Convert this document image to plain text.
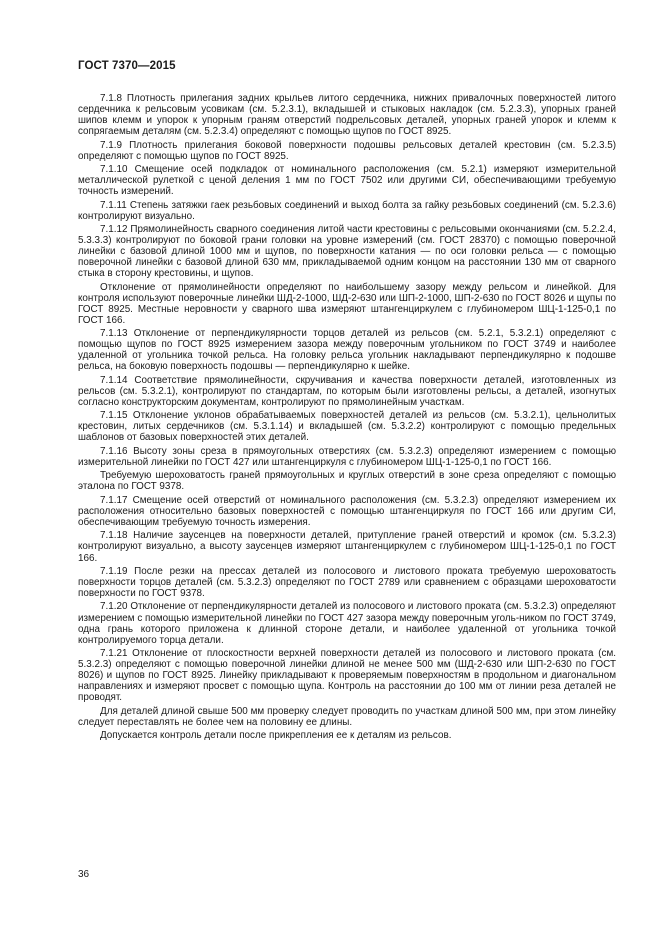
ГОСТ 7370—2015

7.1.8 Плотность прилегания задних крыльев литого сердечника, нижних привалочных поверхностей литого сердечника к рельсовым усовикам (см. 5.2.3.1), вкладышей и стыковых накладок (см. 5.2.3.3), упорных граней шипов клемм и упорок к упорным граням отверстий подрельсовых деталей, упорных граней упорок и клемм к сопрягаемым деталям (см. 5.2.3.4) определяют с помощью щупов по ГОСТ 8925.

7.1.9 Плотность прилегания боковой поверхности подошвы рельсовых деталей крестовин (см. 5.2.3.5) определяют с помощью щупов по ГОСТ 8925.

7.1.10 Смещение осей подкладок от номинального расположения (см. 5.2.1) измеряют измерительной металлической рулеткой с ценой деления 1 мм по ГОСТ 7502 или другими СИ, обеспечивающими требуемую точность измерений.

7.1.11 Степень затяжки гаек резьбовых соединений и выход болта за гайку резьбовых соединений (см. 5.2.3.6) контролируют визуально.

7.1.12 Прямолинейность сварного соединения литой части крестовины с рельсовыми окончаниями (см. 5.2.2.4, 5.3.3.3) контролируют по боковой грани головки на уровне измерений (см. ГОСТ 28370) с помощью поверочной линейки с базовой длиной 1000 мм и щупов, по поверхности катания — по оси головки рельса — с помощью поверочной линейки с базовой длиной 630 мм, прикладываемой одним концом на расстоянии 130 мм от сварного стыка в сторону крестовины, и щупов.

Отклонение от прямолинейности определяют по наибольшему зазору между рельсом и линейкой. Для контроля используют поверочные линейки ШД-2-1000, ШД-2-630 или ШП-2-1000, ШП-2-630 по ГОСТ 8026 и щупы по ГОСТ 8925. Местные неровности у сварного шва измеряют штангенциркулем с глубиномером ШЦ-1-125-0,1 по ГОСТ 166.

7.1.13 Отклонение от перпендикулярности торцов деталей из рельсов (см. 5.2.1, 5.3.2.1) определяют с помощью щупов по ГОСТ 8925 измерением зазора между поверочным угольником по ГОСТ 3749 и наиболее удаленной от угольника точкой рельса. На головку рельса угольник накладывают перпендикулярно к подошве рельса, на боковую поверхность подошвы — перпендикулярно к шейке.

7.1.14 Соответствие прямолинейности, скручивания и качества поверхности деталей, изготовленных из рельсов (см. 5.3.2.1), контролируют по стандартам, по которым были изготовлены рельсы, а деталей, изогнутых согласно конструкторским документам, контролируют по прямолинейным участкам.

7.1.15 Отклонение уклонов обрабатываемых поверхностей деталей из рельсов (см. 5.3.2.1), цельнолитых крестовин, литых сердечников (см. 5.3.1.14) и вкладышей (см. 5.3.2.2) контролируют с помощью предельных шаблонов от базовых поверхностей этих деталей.

7.1.16 Высоту зоны среза в прямоугольных отверстиях (см. 5.3.2.3) определяют измерением с помощью измерительной линейки по ГОСТ 427 или штангенциркуля с глубиномером ШЦ-1-125-0,1 по ГОСТ 166.

Требуемую шероховатость граней прямоугольных и круглых отверстий в зоне среза определяют с помощью эталона по ГОСТ 9378.

7.1.17 Смещение осей отверстий от номинального расположения (см. 5.3.2.3) определяют измерением их расположения относительно базовых поверхностей с помощью штангенциркуля по ГОСТ 166 или другим СИ, обеспечивающим требуемую точность измерения.

7.1.18 Наличие заусенцев на поверхности деталей, притупление граней отверстий и кромок (см. 5.3.2.3) контролируют визуально, а высоту заусенцев измеряют штангенциркулем с глубиномером ШЦ-1-125-0,1 по ГОСТ 166.

7.1.19 После резки на прессах деталей из полосового и листового проката требуемую шероховатость поверхности торцов деталей (см. 5.3.2.3) определяют по ГОСТ 2789 или сравнением с образцами шероховатости поверхности по ГОСТ 9378.

7.1.20 Отклонение от перпендикулярности деталей из полосового и листового проката (см. 5.3.2.3) определяют измерением с помощью измерительной линейки по ГОСТ 427 зазора между поверочным уголь-ником по ГОСТ 3749, одна грань которого приложена к длинной стороне детали, и наиболее удаленной от угольника точкой контролируемого торца детали.

7.1.21 Отклонение от плоскостности верхней поверхности деталей из полосового и листового проката (см. 5.3.2.3) определяют с помощью поверочной линейки длиной не менее 500 мм (ШД-2-630 или ШП-2-630 по ГОСТ 8026) и щупов по ГОСТ 8925. Линейку прикладывают к проверяемым поверхностям в продольном и диагональном направлениях и измеряют просвет с помощью щупа. Контроль на расстоянии до 100 мм от линии реза деталей не проводят.

Для деталей длиной свыше 500 мм проверку следует проводить по участкам длиной 500 мм, при этом линейку следует переставлять не более чем на половину ее длины.

Допускается контроль детали после прикрепления ее к деталям из рельсов.

36
